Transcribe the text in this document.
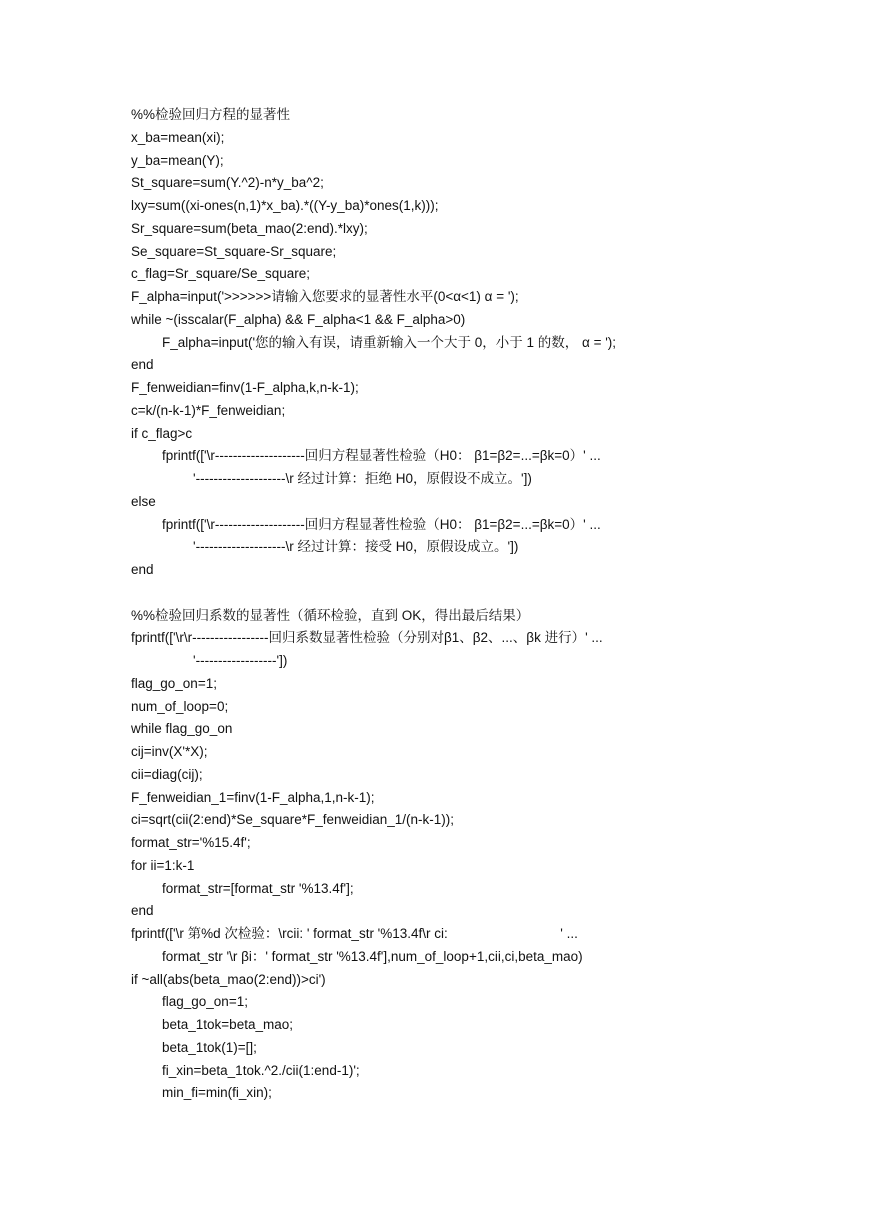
%%检验回归方程的显著性
x_ba=mean(xi);
y_ba=mean(Y);
St_square=sum(Y.^2)-n*y_ba^2;
lxy=sum((xi-ones(n,1)*x_ba).*((Y-y_ba)*ones(1,k)));
Sr_square=sum(beta_mao(2:end).*lxy);
Se_square=St_square-Sr_square;
c_flag=Sr_square/Se_square;
F_alpha=input('>>>>>>请输入您要求的显著性水平(0<α<1) α = ');
while ~(isscalar(F_alpha) && F_alpha<1 && F_alpha>0)
F_alpha=input('您的输入有误，请重新输入一个大于 0，小于 1 的数， α = ');
end
F_fenweidian=finv(1-F_alpha,k,n-k-1);
c=k/(n-k-1)*F_fenweidian;
if c_flag>c
fprintf(['\r--------------------回归方程显著性检验（H0： β1=β2=...=βk=0）' ...
'--------------------\r 经过计算：拒绝 H0，原假设不成立。'])
else
fprintf(['\r--------------------回归方程显著性检验（H0： β1=β2=...=βk=0）' ...
'--------------------\r 经过计算：接受 H0，原假设成立。'])
end
%%检验回归系数的显著性（循环检验，直到 OK，得出最后结果）
fprintf(['\r\r-----------------回归系数显著性检验（分别对β1、β2、...、βk 进行）' ...
'------------------'])
flag_go_on=1;
num_of_loop=0;
while flag_go_on
cij=inv(X'*X);
cii=diag(cij);
F_fenweidian_1=finv(1-F_alpha,1,n-k-1);
ci=sqrt(cii(2:end)*Se_square*F_fenweidian_1/(n-k-1));
format_str='%15.4f';
for ii=1:k-1
format_str=[format_str '%13.4f'];
end
fprintf(['\r 第%d 次检验：\rcii: ' format_str '%13.4f\r ci:                              ' ...
format_str '\r βi：' format_str '%13.4f'],num_of_loop+1,cii,ci,beta_mao)
if ~all(abs(beta_mao(2:end))>ci')
flag_go_on=1;
beta_1tok=beta_mao;
beta_1tok(1)=[];
fi_xin=beta_1tok.^2./cii(1:end-1)';
min_fi=min(fi_xin);
